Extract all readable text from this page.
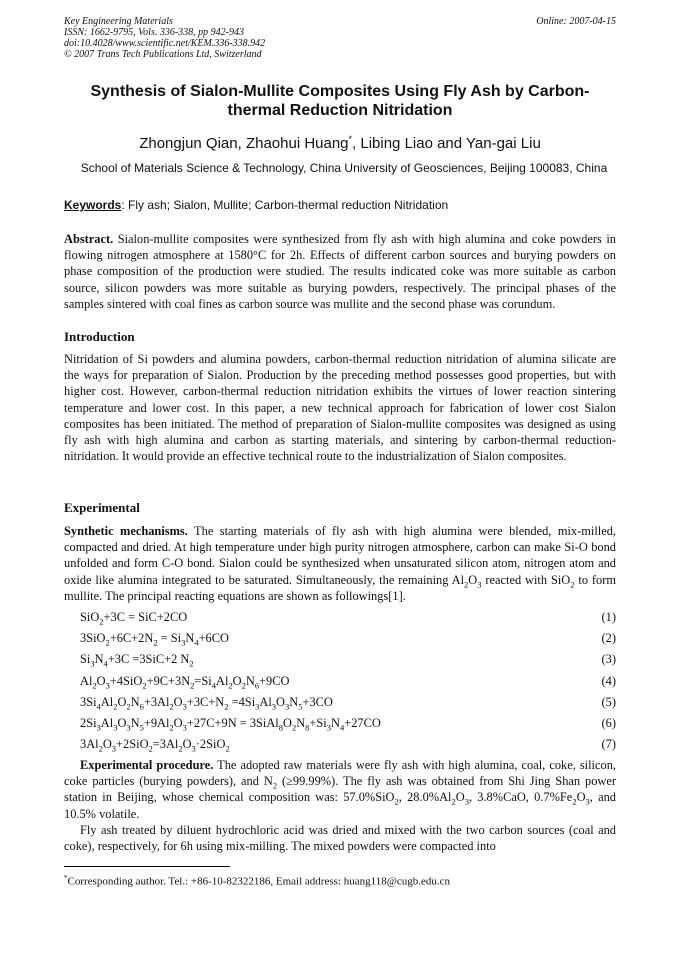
Key Engineering Materials
ISSN: 1662-9795, Vols. 336-338, pp 942-943
doi:10.4028/www.scientific.net/KEM.336-338.942
© 2007 Trans Tech Publications Ltd, Switzerland
Online: 2007-04-15
Synthesis of Sialon-Mullite Composites Using Fly Ash by Carbon-thermal Reduction Nitridation
Zhongjun Qian, Zhaohui Huang*, Libing Liao and Yan-gai Liu
School of Materials Science & Technology, China University of Geosciences, Beijing 100083, China
Keywords: Fly ash; Sialon, Mullite; Carbon-thermal reduction Nitridation
Abstract. Sialon-mullite composites were synthesized from fly ash with high alumina and coke powders in flowing nitrogen atmosphere at 1580°C for 2h. Effects of different carbon sources and burying powders on phase composition of the production were studied. The results indicated coke was more suitable as carbon source, silicon powders was more suitable as burying powders, respectively. The principal phases of the samples sintered with coal fines as carbon source was mullite and the second phase was corundum.
Introduction
Nitridation of Si powders and alumina powders, carbon-thermal reduction nitridation of alumina silicate are the ways for preparation of Sialon. Production by the preceding method possesses good properties, but with higher cost. However, carbon-thermal reduction nitridation exhibits the virtues of lower reaction sintering temperature and lower cost. In this paper, a new technical approach for fabrication of lower cost Sialon composites has been initiated. The method of preparation of Sialon-mullite composites was designed as using fly ash with high alumina and carbon as starting materials, and sintering by carbon-thermal reduction-nitridation. It would provide an effective technical route to the industrialization of Sialon composites.
Experimental
Synthetic mechanisms. The starting materials of fly ash with high alumina were blended, mix-milled, compacted and dried. At high temperature under high purity nitrogen atmosphere, carbon can make Si-O bond unfolded and form C-O bond. Sialon could be synthesized when unsaturated silicon atom, nitrogen atom and oxide like alumina integrated to be saturated. Simultaneously, the remaining $Al_2O_3$ reacted with SiO$_2$ to form mullite. The principal reacting equations are shown as followings[1].
SiO$_2$+3C = SiC+2CO	(1)
$3SiO_2+6C+2N_2 = Si_3N_4+6CO$	(2)
$Si_3N_4+3C =3SiC+2$ $N_2$	(3)
$Al_2O_3+4SiO_2+9C+3N_2=Si_4Al_2O_2N_6+9CO$	(4)
$3Si_4Al_2O_2N_6+3Al_2O_3+3C+N_2 =4Si_3Al_3O_3N_5+3CO$	(5)
$2Si_3Al_3O_3N_5+9Al_2O_3+27C+9N$ = $3SiAl_8O_2N_8+Si_3N_4+27CO$	(6)
$3Al_2O_3+2SiO_2=3Al_2O_3\cdot 2SiO_2$	(7)
Experimental procedure. The adopted raw materials were fly ash with high alumina, coal, coke, silicon, coke particles (burying powders), and $N_2$ (≥99.99%). The fly ash was obtained from Shi Jing Shan power station in Beijing, whose chemical composition was: 57.0%SiO$_2$, $28.0\%Al_2O_3$, 3.8%CaO, $0.7\%Fe_2O_3$, and 10.5% volatile.
Fly ash treated by diluent hydrochloric acid was dried and mixed with the two carbon sources (coal and coke), respectively, for 6h using mix-milling. The mixed powders were compacted into
*Corresponding author. Tel.: +86-10-82322186, Email address: huang118@cugb.edu.cn
